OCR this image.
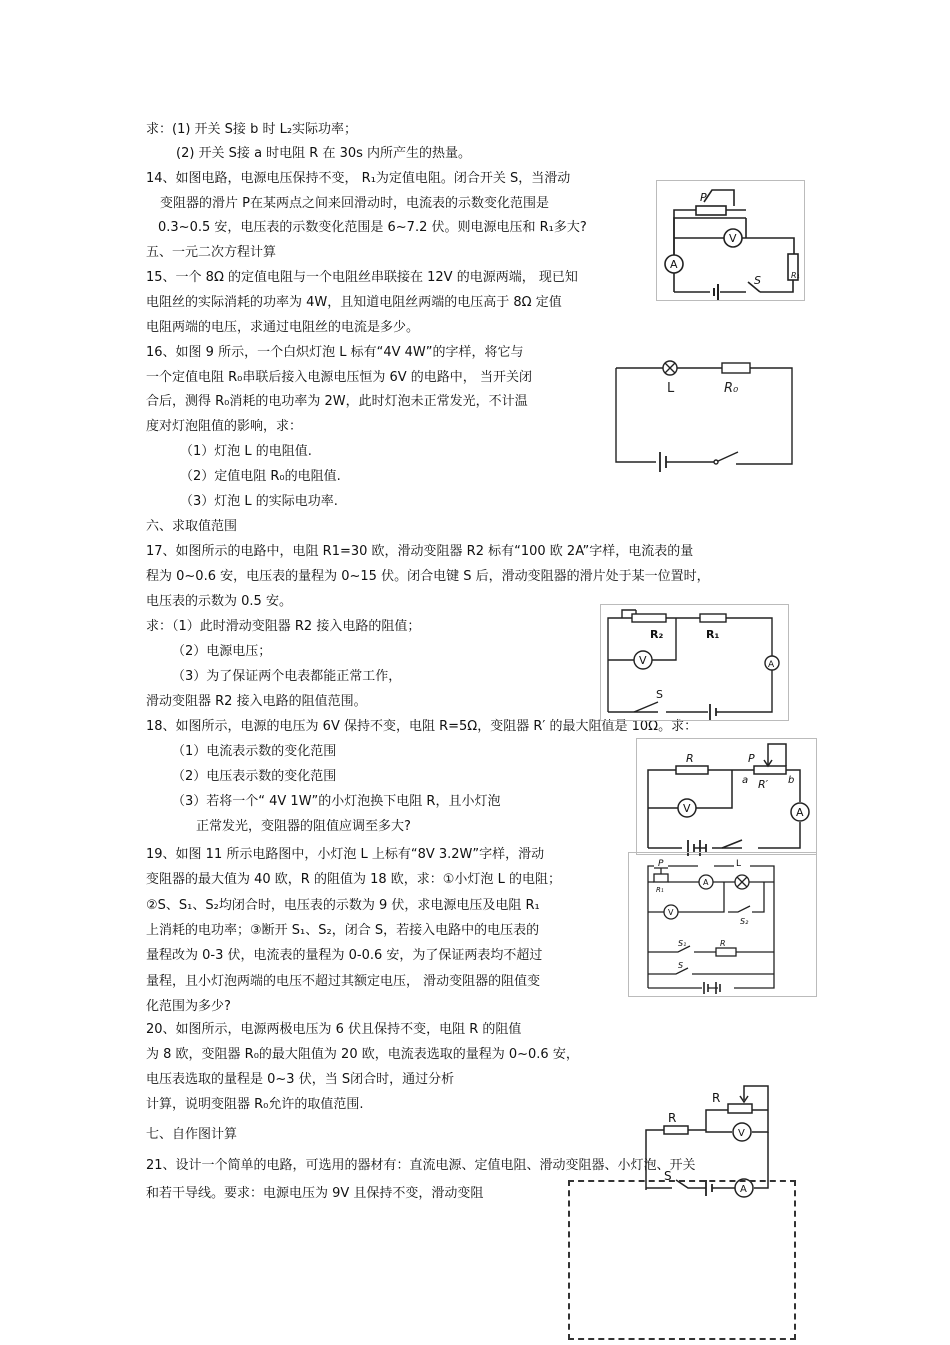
求：(1) 开关 S接 b 时 L₂实际功率；
(2) 开关 S接 a 时电阻 R 在 30s 内所产生的热量。
14、如图电路，电源电压保持不变， R₁为定值电阻。闭合开关 S，当滑动
变阻器的滑片 P在某两点之间来回滑动时，电流表的示数变化范围是
0.3~0.5 安，电压表的示数变化范围是 6~7.2 伏。则电源电压和 R₁多大?
五、一元二次方程计算
15、一个 8Ω 的定值电阻与一个电阻丝串联接在 12V 的电源两端， 现已知
电阻丝的实际消耗的功率为 4W，且知道电阻丝两端的电压高于 8Ω 定值
电阻两端的电压，求通过电阻丝的电流是多少。
16、如图 9 所示，一个白炽灯泡 L 标有“4V 4W”的字样，将它与
一个定值电阻 R₀串联后接入电源电压恒为 6V 的电路中， 当开关闭
合后，测得 R₀消耗的电功率为 2W，此时灯泡未正常发光，不计温
度对灯泡阻值的影响，求：
（1）灯泡 L 的电阻值.
（2）定值电阻 R₀的电阻值.
（3）灯泡 L 的实际电功率.
六、求取值范围
17、如图所示的电路中，电阻 R1=30 欧，滑动变阻器 R2 标有“100 欧 2A”字样，电流表的量
程为 0~0.6 安，电压表的量程为 0~15 伏。闭合电键 S 后，滑动变阻器的滑片处于某一位置时，
电压表的示数为 0.5 安。
求：（1）此时滑动变阻器 R2 接入电路的阻值；
（2）电源电压；
（3）为了保证两个电表都能正常工作，
滑动变阻器 R2 接入电路的阻值范围。
18、如图所示，电源的电压为 6V 保持不变，电阻 R=5Ω，变阻器 R′ 的最大阻值是 10Ω。求：
（1）电流表示数的变化范围
（2）电压表示数的变化范围
（3）若将一个“ 4V 1W”的小灯泡换下电阻 R，且小灯泡
正常发光，变阻器的阻值应调至多大?
19、如图 11 所示电路图中，小灯泡 L 上标有“8V 3.2W”字样，滑动
变阻器的最大值为 40 欧，R 的阻值为 18 欧，求：①小灯泡 L 的电阻；
②S、S₁、S₂均闭合时，电压表的示数为 9 伏，求电源电压及电阻 R₁
上消耗的电功率；③断开 S₁、S₂，闭合 S，若接入电路中的电压表的
量程改为 0-3 伏，电流表的量程为 0-0.6 安，为了保证两表均不超过
量程，且小灯泡两端的电压不超过其额定电压， 滑动变阻器的阻值变
化范围为多少?
20、如图所示，电源两极电压为 6 伏且保持不变，电阻 R 的阻值
为 8 欧，变阻器 R₀的最大阻值为 20 欧，电流表选取的量程为 0~0.6 安，
电压表选取的量程是 0~3 伏，当 S闭合时，通过分析
计算，说明变阻器 R₀允许的取值范围.
七、自作图计算
21、设计一个简单的电路，可选用的器材有：直流电源、定值电阻、滑动变阻器、小灯泡、开关
和若干导线。要求：电源电压为 9V 且保持不变，滑动变阻
P
V
A
S	R₁
L	R₀
R₂	R₁
V	A
S
R	P
R′
a	b
V	A
P
R₁
A
L
V
S₂
S₁	R
S
R
R
V
S
A
